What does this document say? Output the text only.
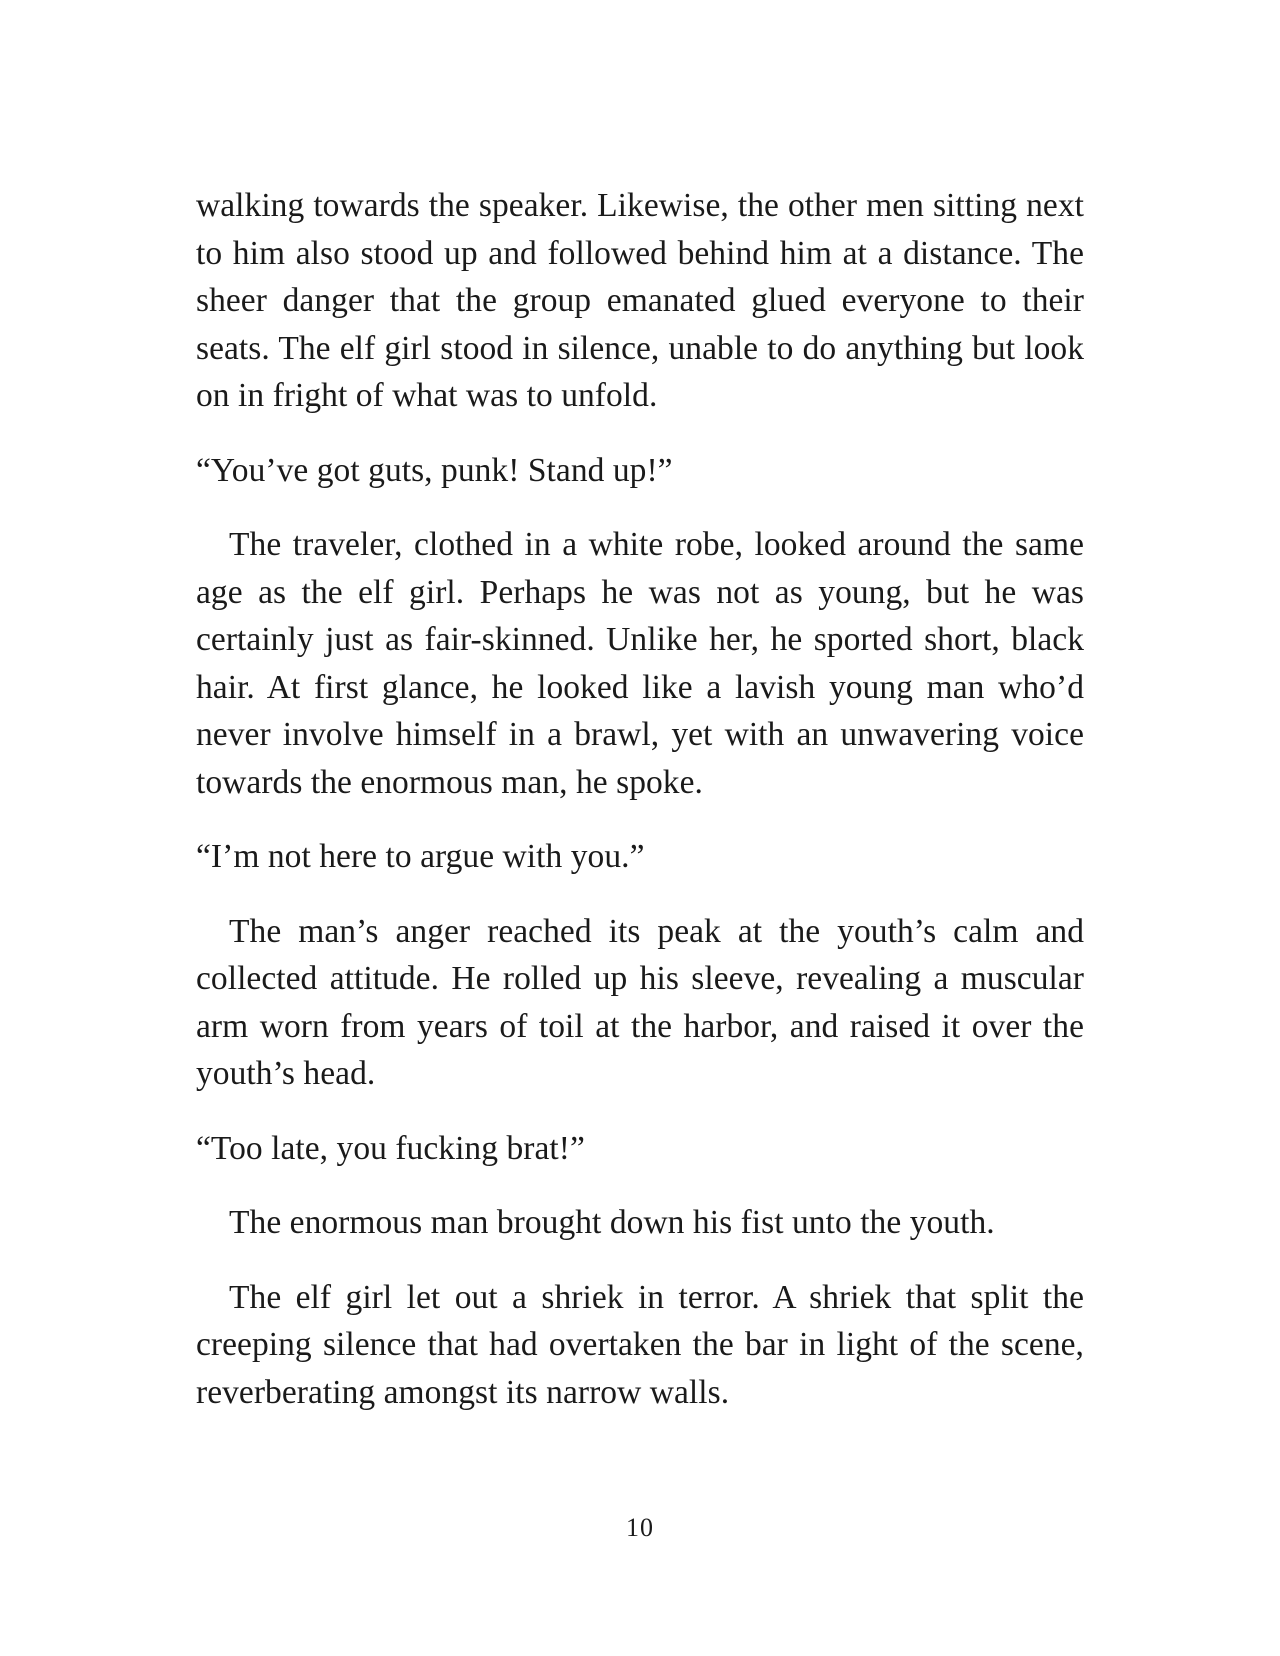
walking towards the speaker. Likewise, the other men sitting next to him also stood up and followed behind him at a distance. The sheer danger that the group emanated glued everyone to their seats. The elf girl stood in silence, unable to do anything but look on in fright of what was to unfold.

“You’ve got guts, punk! Stand up!”

The traveler, clothed in a white robe, looked around the same age as the elf girl. Perhaps he was not as young, but he was certainly just as fair-skinned. Unlike her, he sported short, black hair. At first glance, he looked like a lavish young man who’d never involve himself in a brawl, yet with an unwavering voice towards the enormous man, he spoke.

“I’m not here to argue with you.”

The man’s anger reached its peak at the youth’s calm and collected attitude. He rolled up his sleeve, revealing a muscular arm worn from years of toil at the harbor, and raised it over the youth’s head.

“Too late, you fucking brat!”

The enormous man brought down his fist unto the youth.

The elf girl let out a shriek in terror. A shriek that split the creeping silence that had overtaken the bar in light of the scene, reverberating amongst its narrow walls.

10
